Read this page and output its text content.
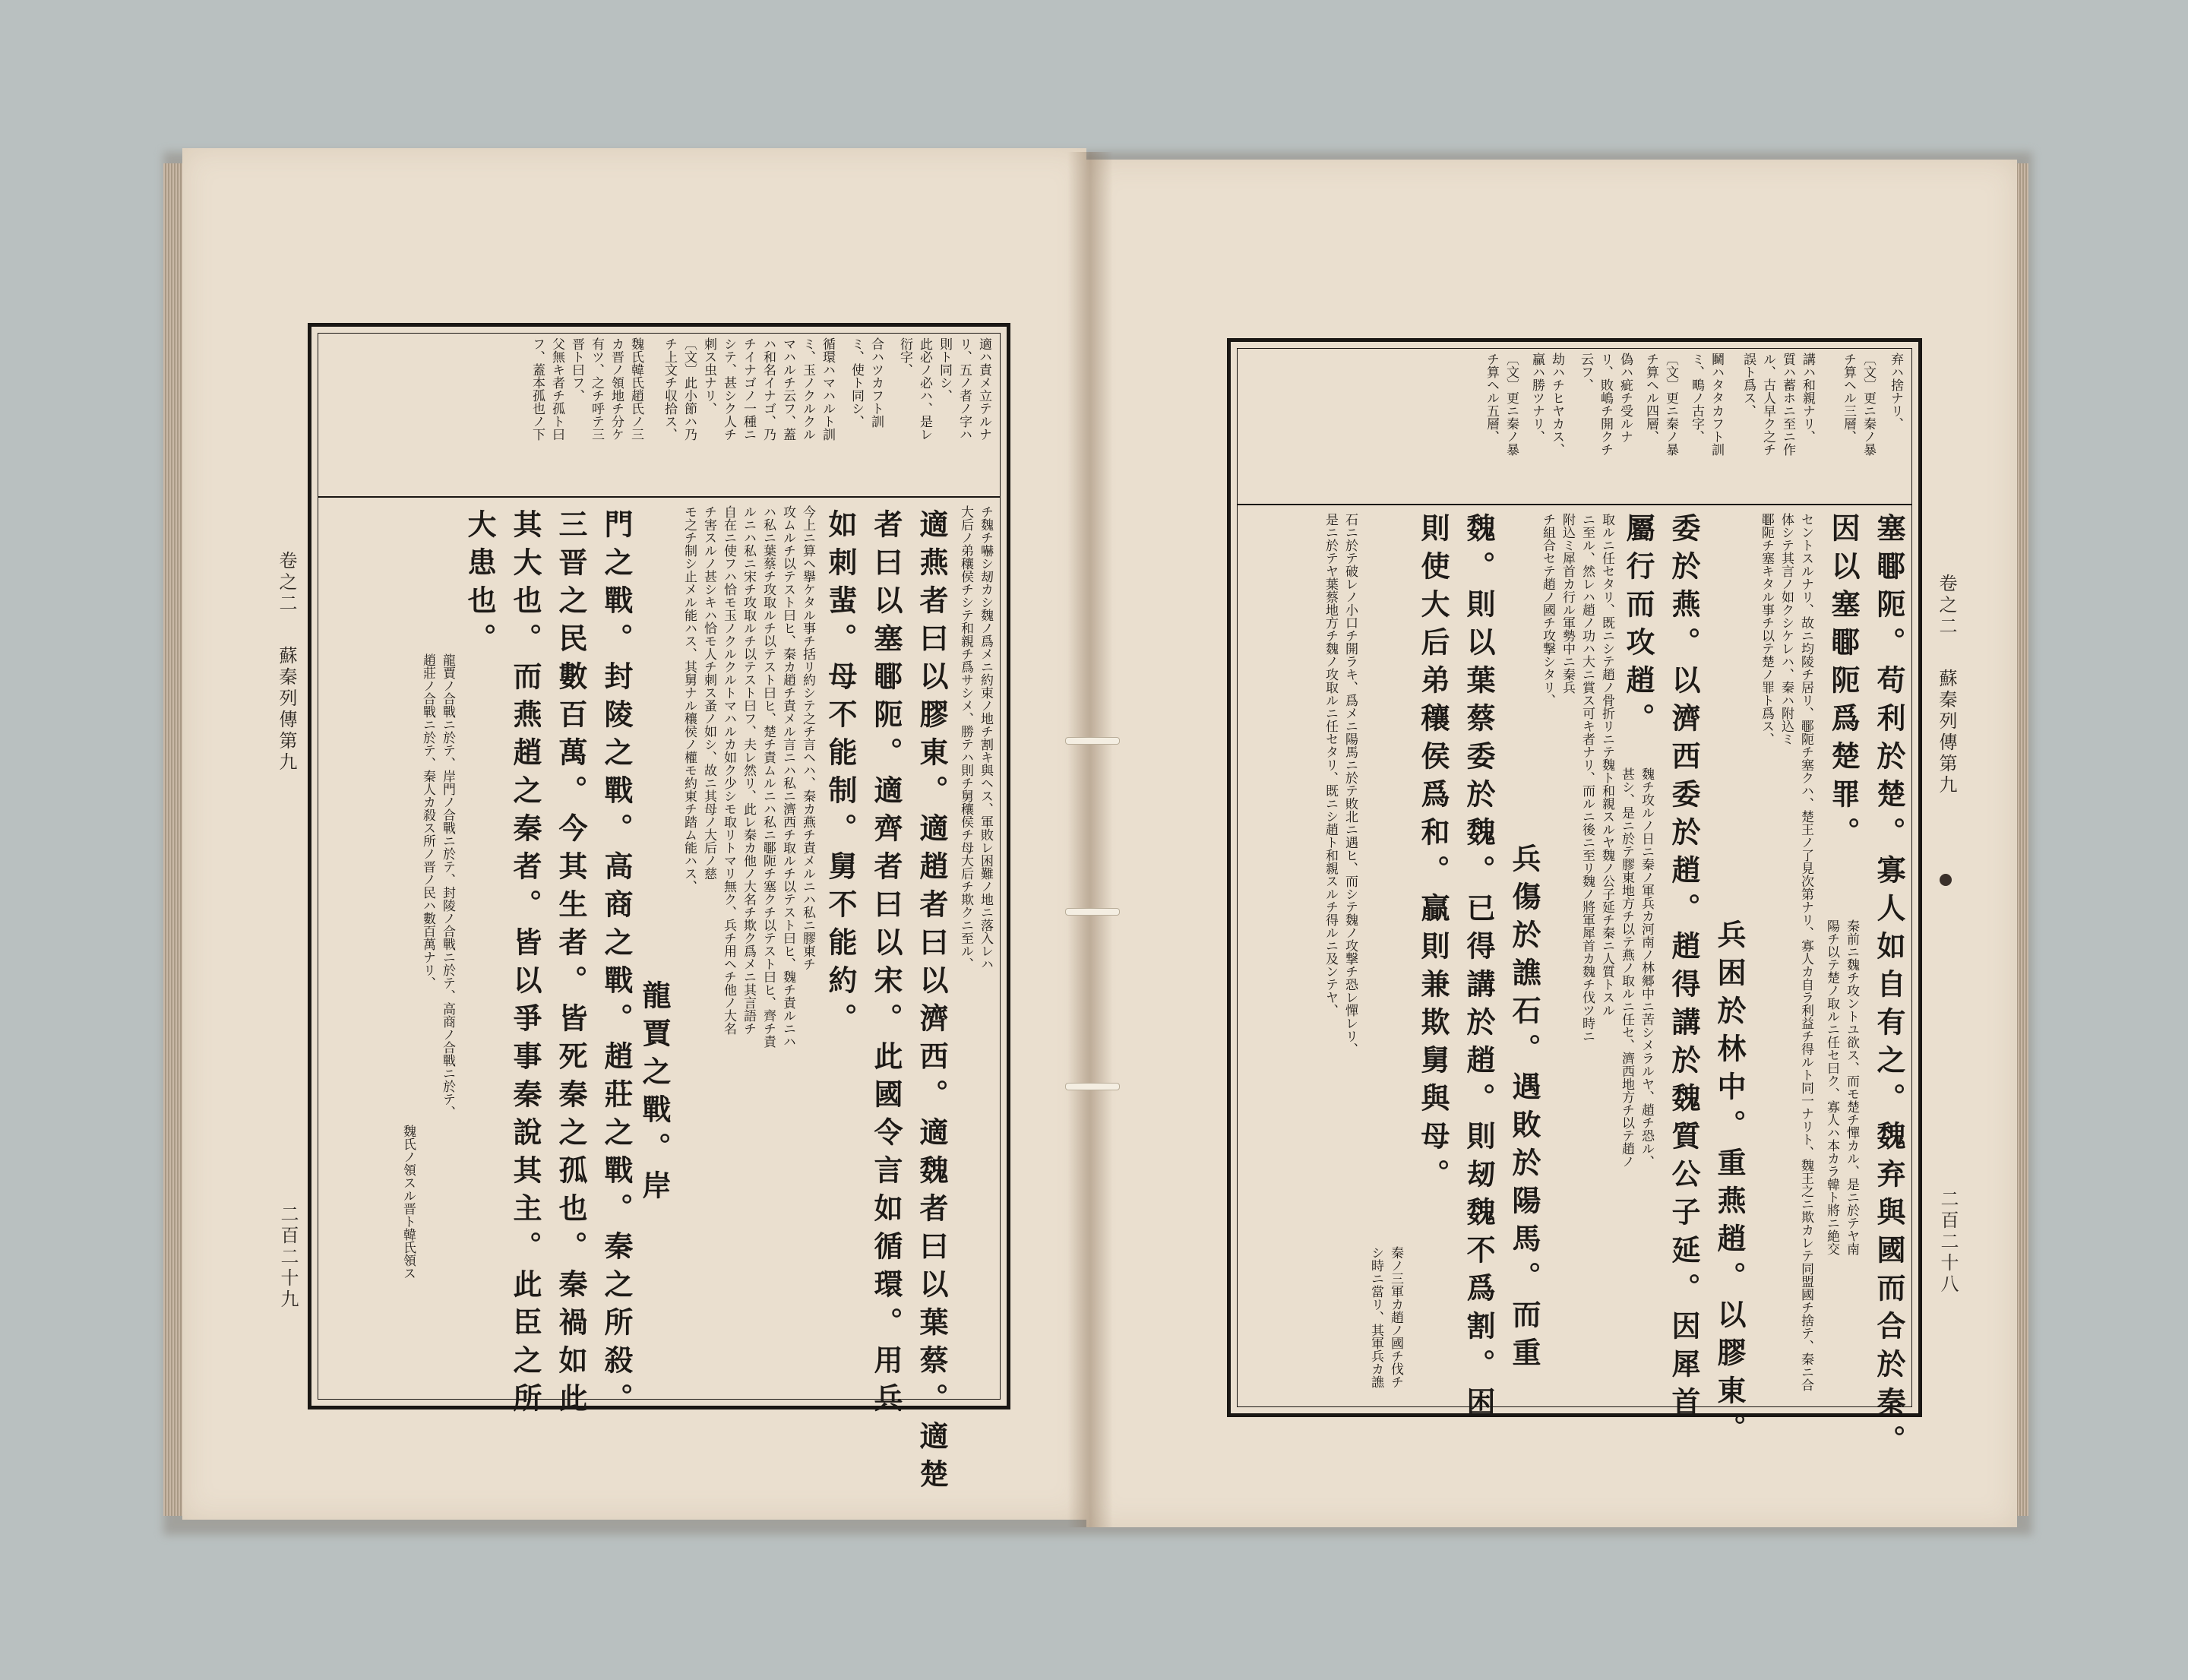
卷之二
蘇秦列傳第九
二百二十九
卷之二
蘇秦列傳第九
二百二十八
適ハ責メ立テルナ
リ、五ノ者ノ字ハ
則ト同シ、
此必ノ必ハ、是レ
衍字、
合ハツカフト訓
ミ、使ト同シ、
循環ハマハルト訓
ミ、玉ノクルクル
マハルチ云フ、蓋
ハ和名イナゴ、乃
チイナゴノ一種ニ
シテ、甚シク人チ
刺ス虫ナリ、
〔文〕此小節ハ乃
チ上文チ収拾ス、
魏氏韓氏趙氏ノ三
カ晋ノ領地チ分ケ
有ツ、之チ呼テ三
晋ト曰フ、
父無キ者チ孤ト曰
フ、蓋本孤也ノ下
チ魏チ嚇シ刼カシ魏ノ爲メニ約束ノ地チ割キ與ヘス、軍敗レ困難ノ地ニ落入レハ
大后ノ弟穰侯チシテ和親チ爲サシメ、勝テハ則チ舅穰侯チ母大后チ欺クニ至ル、
適燕者曰以膠東。適趙者曰以濟西。適魏者曰以葉蔡。適楚
者曰以塞鄳阨。適齊者曰以宋。此國令言如循環。用兵
如刺蜚。母不能制。舅不能約。
今上ニ算ヘ擧ケタル事チ括リ約シテ之チ言ヘハ、秦カ燕チ責メルニハ私ニ膠東チ
攻ムルチ以テスト曰ヒ、秦カ趙チ責メル言ニハ私ニ濟西チ取ルチ以テスト曰ヒ、魏チ責ルニハ
ハ私ニ葉蔡チ攻取ルチ以テスト曰ヒ、楚チ責ムルニハ私ニ鄳阨チ塞クチ以テスト曰ヒ、齊チ責
ルニハ私ニ宋チ攻取ルチ以テスト曰フ、夫レ然リ、此レ秦カ他ノ大名チ欺ク爲メニ其言語チ
自在ニ使フハ恰モ玉ノクルクルトマハルカ如ク少シモ取リトマリ無ク、兵チ用ヘチ他ノ大名
チ害スルノ甚シキハ恰モ人チ刺ス蚤ノ如シ、故ニ其母ノ大后ノ慈
モ之チ制シ止メル能ハス、其舅ナル穰侯ノ權モ約東チ踏ム能ハス、
龍賈之戰。岸
門之戰。封陵之戰。高商之戰。趙莊之戰。秦之所殺。
三晋之民數百萬。今其生者。皆死秦之孤也。秦禍如此
其大也。而燕趙之秦者。皆以爭事秦說其主。此臣之所
大患也。
龍賈ノ合戰ニ於テ、岸門ノ合戰ニ於テ、封陵ノ合戰ニ於テ、高商ノ合戰ニ於テ、
趙莊ノ合戰ニ於テ、秦人カ殺ス所ノ晋ノ民ハ數百萬ナリ、
魏氏ノ領スル晋ト韓氏領ス
弃ハ捨ナリ、
〔文〕更ニ秦ノ暴
チ算ヘル三層、
講ハ和親ナリ、
質ハ蓄ホニ至ニ作
ル、古人早ク之チ
誤ト爲ス、
鬭ハタタカフト訓
ミ、鴫ノ古字、
〔文〕更ニ秦ノ暴
チ算ヘル四層、
偽ハ疵チ受ルナ
リ、敗嶋チ開クチ
云フ、
劫ハチヒヤカス、
贏ハ勝ツナリ、
〔文〕更ニ秦ノ暴
チ算ヘル五層、
塞鄳阨。苟利於楚。寡人如自有之。魏弃與國而合於秦。
因以塞鄳阨爲楚罪。
秦前ニ魏チ攻ントユ欲ス、而モ楚チ憚カル、是ニ於テヤ南
陽チ以テ楚ノ取ルニ任セ曰ク、寡人ハ本カラ韓ト將ニ絶交
セントスルナリ、故ニ均陵チ居リ、鄳阨チ塞クハ、楚王ノ了見次第ナリ、寡人カ自ラ利益チ得ルト同一ナリト、魏王之ニ欺カレテ同盟國チ捨テ、秦ニ合
体シテ其言ノ如クシケレハ、秦ハ附込ミ
鄳阨チ塞キタル事チ以テ楚ノ罪ト爲ス、
兵困於林中。重燕趙。以膠東。
委於燕。以濟西委於趙。趙得講於魏質公子延。因犀首
屬行而攻趙。
魏チ攻ルノ日ニ秦ノ軍兵カ河南ノ林郷中ニ苦シメラルヤ、趙チ恐ル、
甚シ、是ニ於テ膠東地方チ以テ燕ノ取ルニ任セ、濟西地方チ以テ趙ノ
取ルニ任セタリ、既ニシテ趙ノ骨折リニテ魏ト和親スルヤ魏ノ公子延チ秦ニ人質トスル
ニ至ル、然レハ趙ノ功ハ大ニ賞ス可キ者ナリ、而ルニ後ニ至リ魏ノ將軍犀首カ魏チ伐ツ時ニ
附込ミ犀首カ行ル軍勢中ニ秦兵
チ組合セテ趙ノ國チ攻撃シタリ、
兵傷於譙石。遇敗於陽馬。而重
魏。則以葉蔡委於魏。已得講於趙。則刼魏不爲割。困
則使大后弟穰侯爲和。贏則兼欺舅與母。
秦ノ三軍カ趙ノ國チ伐チ
シ時ニ當リ、其軍兵カ譙
石ニ於テ破レノ小口チ開ラキ、爲メニ陽馬ニ於テ敗北ニ遇ヒ、而シテ魏ノ攻撃チ恐レ憚レリ、
是ニ於テヤ葉蔡地方チ魏ノ攻取ルニ任セタリ、既ニシ趙ト和親スルチ得ルニ及ンテヤ、
